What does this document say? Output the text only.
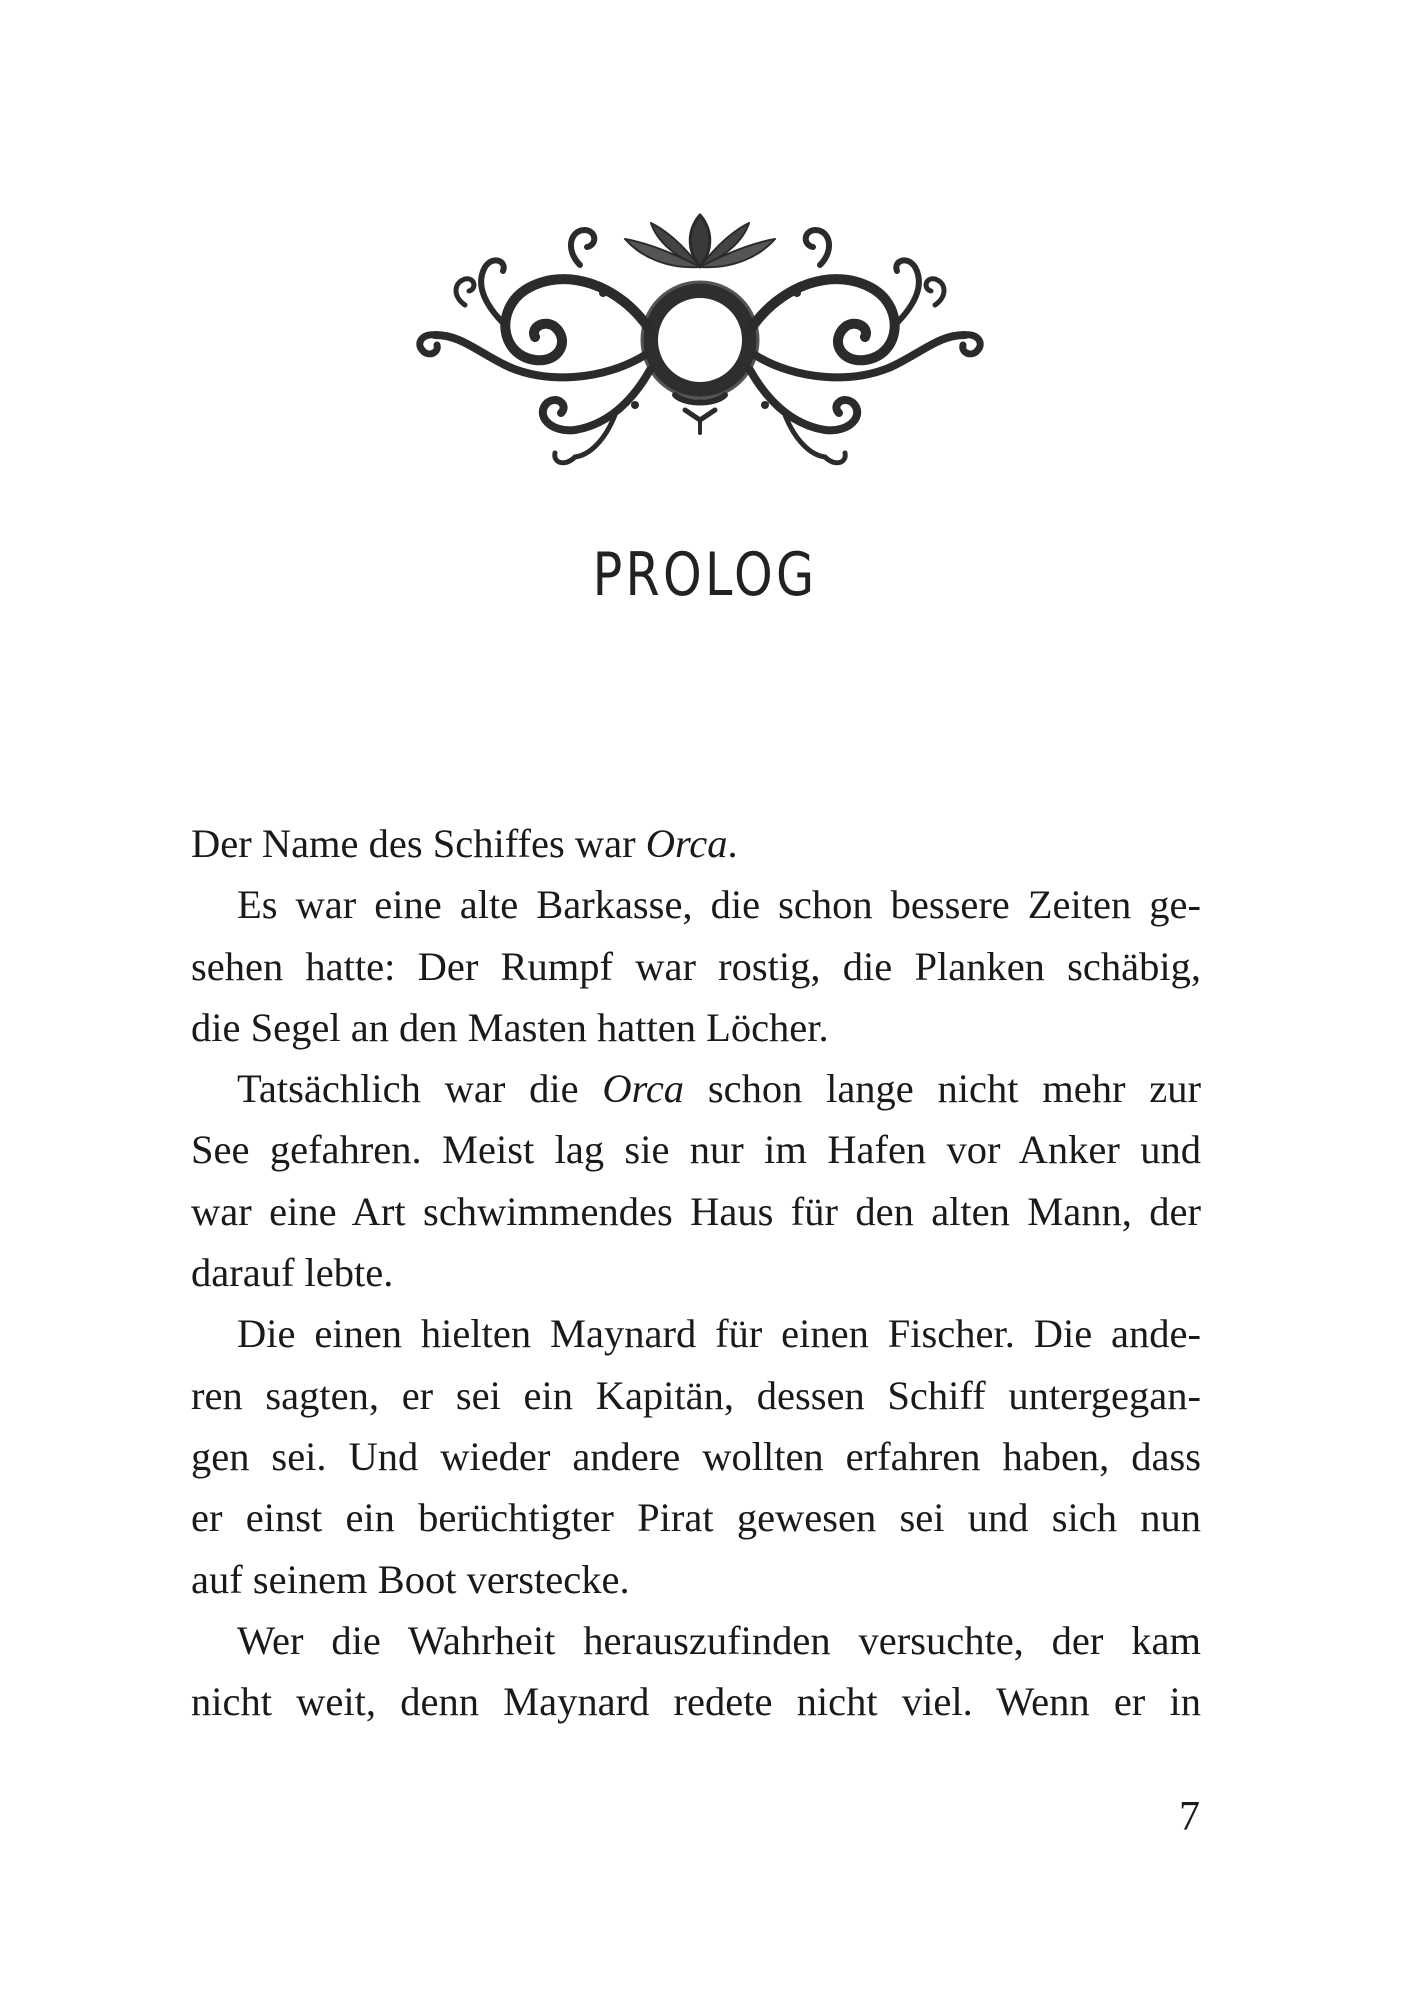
PROLOG
Der Name des Schiffes war Orca.
Es war eine alte Barkasse, die schon bessere Zeiten ge-
sehen hatte: Der Rumpf war rostig, die Planken schäbig,
die Segel an den Masten hatten Löcher.
Tatsächlich war die Orca schon lange nicht mehr zur
See gefahren. Meist lag sie nur im Hafen vor Anker und
war eine Art schwimmendes Haus für den alten Mann, der
darauf lebte.
Die einen hielten Maynard für einen Fischer. Die ande-
ren sagten, er sei ein Kapitän, dessen Schiff untergegan-
gen sei. Und wieder andere wollten erfahren haben, dass
er einst ein berüchtigter Pirat gewesen sei und sich nun
auf seinem Boot verstecke.
Wer die Wahrheit herauszufinden versuchte, der kam
nicht weit, denn Maynard redete nicht viel. Wenn er in
7
